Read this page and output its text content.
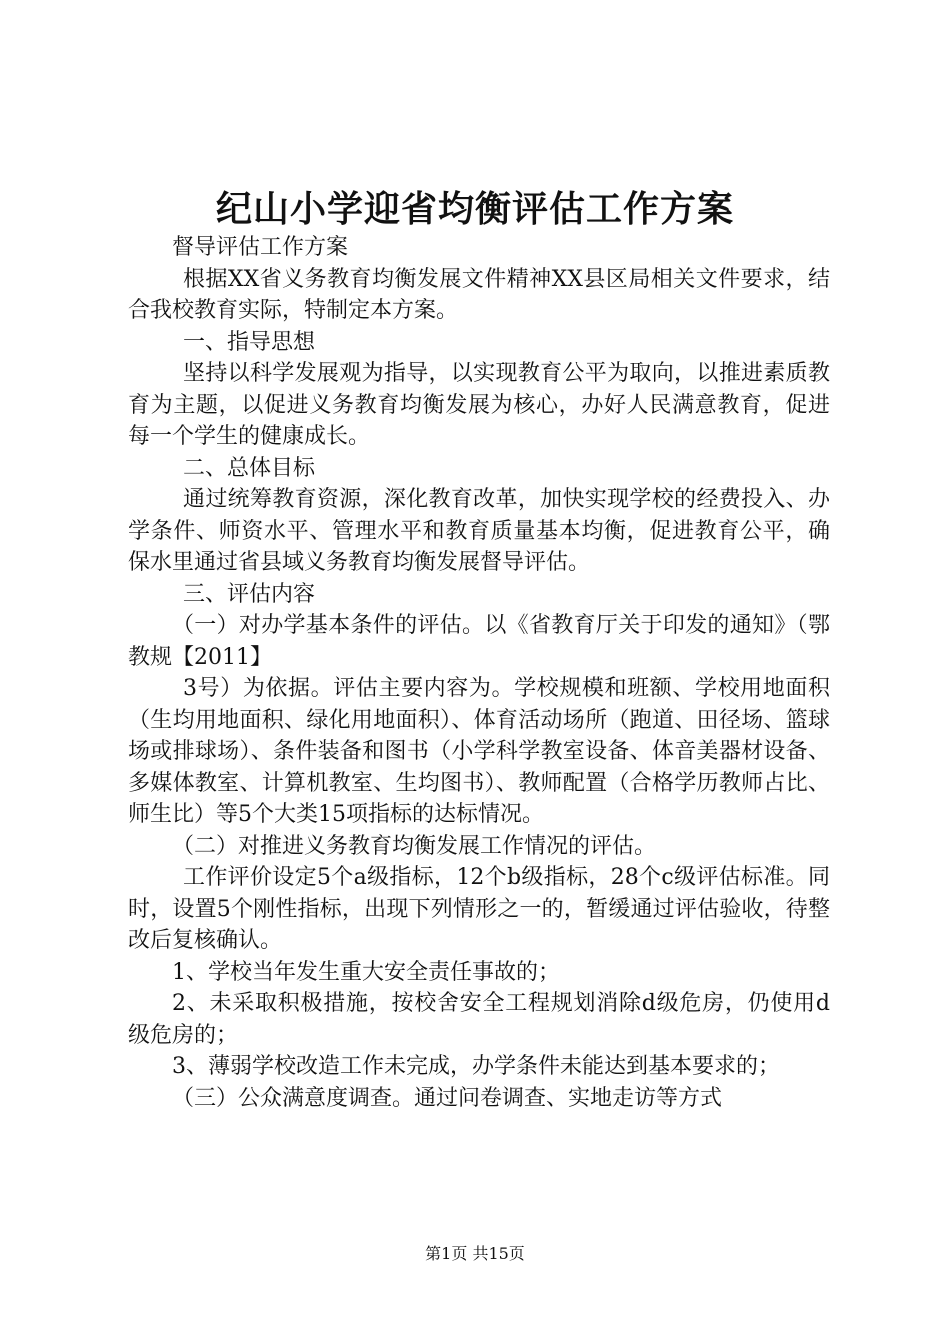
纪山小学迎省均衡评估工作方案

督导评估工作方案

根据XX省义务教育均衡发展文件精神XX县区局相关文件要求，结合我校教育实际，特制定本方案。

一、指导思想

坚持以科学发展观为指导，以实现教育公平为取向，以推进素质教育为主题，以促进义务教育均衡发展为核心，办好人民满意教育，促进每一个学生的健康成长。

二、总体目标

通过统筹教育资源，深化教育改革，加快实现学校的经费投入、办学条件、师资水平、管理水平和教育质量基本均衡，促进教育公平，确保水里通过省县域义务教育均衡发展督导评估。

三、评估内容

（一）对办学基本条件的评估。以《省教育厅关于印发的通知》（鄂教规【2011】

3号）为依据。评估主要内容为。学校规模和班额、学校用地面积（生均用地面积、绿化用地面积）、体育活动场所（跑道、田径场、篮球场或排球场）、条件装备和图书（小学科学教室设备、体音美器材设备、多媒体教室、计算机教室、生均图书）、教师配置（合格学历教师占比、师生比）等5个大类15项指标的达标情况。

（二）对推进义务教育均衡发展工作情况的评估。

工作评价设定5个a级指标，12个b级指标，28个c级评估标准。同时，设置5个刚性指标，出现下列情形之一的，暂缓通过评估验收，待整改后复核确认。

1、学校当年发生重大安全责任事故的；

2、未采取积极措施，按校舍安全工程规划消除d级危房，仍使用d级危房的；

3、薄弱学校改造工作未完成，办学条件未能达到基本要求的；

（三）公众满意度调查。通过问卷调查、实地走访等方式

第1页 共15页
